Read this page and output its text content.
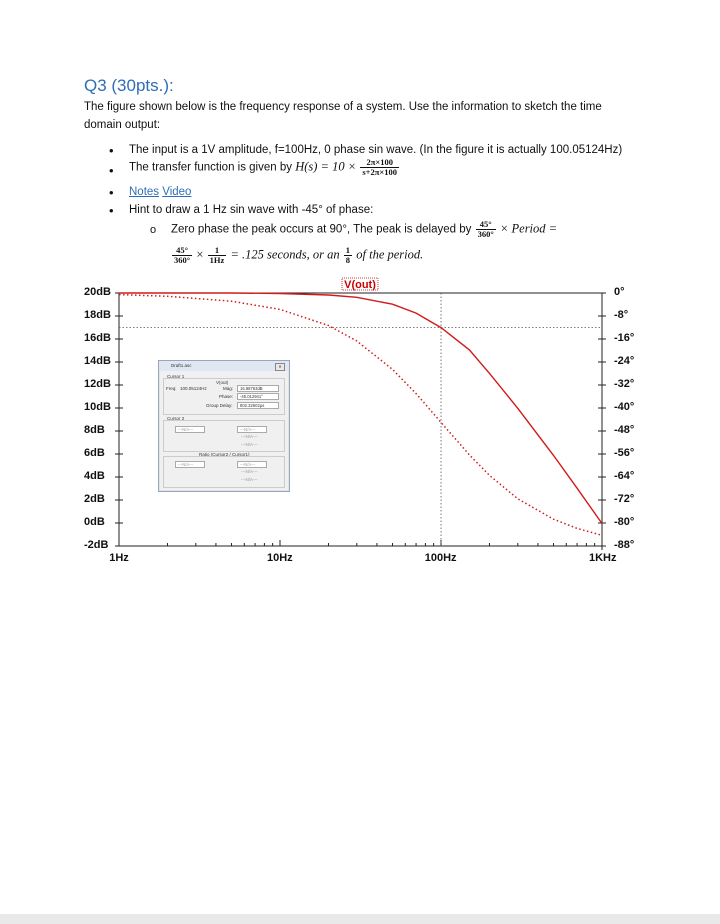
Q3 (30pts.):
The figure shown below is the frequency response of a system. Use the information to sketch the time
domain output:
• The input is a 1V amplitude, f=100Hz, 0 phase sin wave. (In the figure it is actually 100.05124Hz)
• The transfer function is given by $H(s) = 10 \times \frac{2\pi\times 100}{s+2\pi\times 100}$
• Notes Video
• Hint to draw a 1 Hz sin wave with -45° of phase:
o Zero phase the peak occurs at 90°, The peak is delayed by $\frac{45^\circ}{360^\circ}$ × Period =
$\frac{45^\circ}{360^\circ} \times \frac{1}{1Hz} = .125$ seconds, or an $\frac{1}{8}$ of the period.
V(out)
20dB	0°
18dB	-8°
16dB	-16°
14dB	-24°
12dB	-32°
10dB	-40°
8dB	-48°
6dB	-56°
4dB	-64°
2dB	-72°
0dB	-80°
-2dB	-88°
1Hz	10Hz	100Hz	1KHz
Draft1.asc	✕
Cursor 1
V(out)
Freq: 100.05124Hz	Mag:	16.98763dB
Phase:	-45.012941°
Group Delay:	802.32602µs
Cursor 2
---N/A---	---N/A---
---N/A---
---N/A---
Ratio (Cursor2 / Cursor1)
---N/A---	---N/A---
---N/A---
---N/A---
